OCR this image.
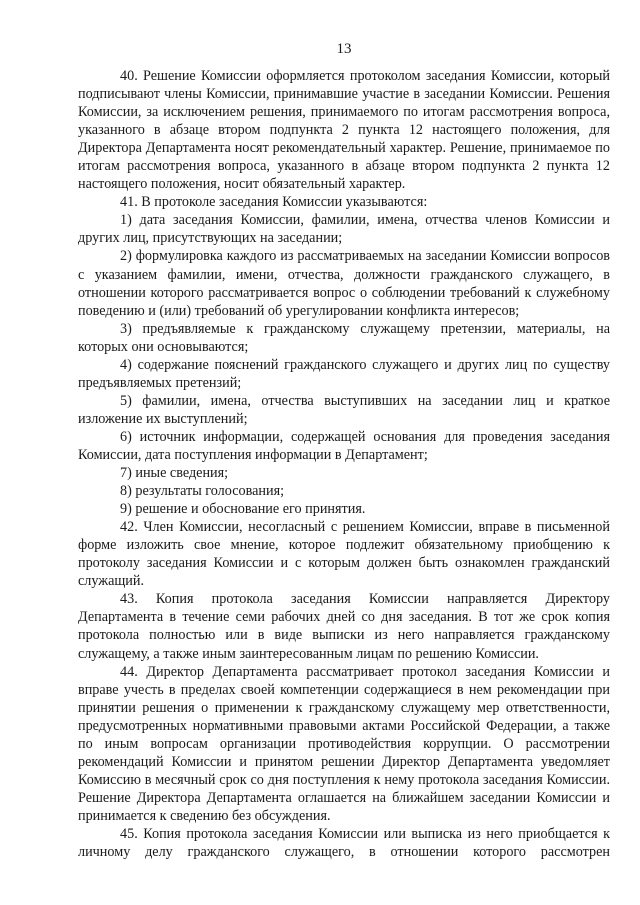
13

40. Решение Комиссии оформляется протоколом заседания Комиссии, который подписывают члены Комиссии, принимавшие участие в заседании Комиссии. Решения Комиссии, за исключением решения, принимаемого по итогам рассмотрения вопроса, указанного в абзаце втором подпункта 2 пункта 12 настоящего положения, для Директора Департамента носят рекомендательный характер. Решение, принимаемое по итогам рассмотрения вопроса, указанного в абзаце втором подпункта 2 пункта 12 настоящего положения, носит обязательный характер.

41. В протоколе заседания Комиссии указываются:

1) дата заседания Комиссии, фамилии, имена, отчества членов Комиссии и других лиц, присутствующих на заседании;

2) формулировка каждого из рассматриваемых на заседании Комиссии вопросов с указанием фамилии, имени, отчества, должности гражданского служащего, в отношении которого рассматривается вопрос о соблюдении требований к служебному поведению и (или) требований об урегулировании конфликта интересов;

3) предъявляемые к гражданскому служащему претензии, материалы, на которых они основываются;

4) содержание пояснений гражданского служащего и других лиц по существу предъявляемых претензий;

5) фамилии, имена, отчества выступивших на заседании лиц и краткое изложение их выступлений;

6) источник информации, содержащей основания для проведения заседания Комиссии, дата поступления информации в Департамент;

7) иные сведения;

8) результаты голосования;

9) решение и обоснование его принятия.

42. Член Комиссии, несогласный с решением Комиссии, вправе в письменной форме изложить свое мнение, которое подлежит обязательному приобщению к протоколу заседания Комиссии и с которым должен быть ознакомлен гражданский служащий.

43. Копия протокола заседания Комиссии направляется Директору Департамента в течение семи рабочих дней со дня заседания. В тот же срок копия протокола полностью или в виде выписки из него направляется гражданскому служащему, а также иным заинтересованным лицам по решению Комиссии.

44. Директор Департамента рассматривает протокол заседания Комиссии и вправе учесть в пределах своей компетенции содержащиеся в нем рекомендации при принятии решения о применении к гражданскому служащему мер ответственности, предусмотренных нормативными правовыми актами Российской Федерации, а также по иным вопросам организации противодействия коррупции. О рассмотрении рекомендаций Комиссии и принятом решении Директор Департамента уведомляет Комиссию в месячный срок со дня поступления к нему протокола заседания Комиссии. Решение Директора Департамента оглашается на ближайшем заседании Комиссии и принимается к сведению без обсуждения.

45. Копия протокола заседания Комиссии или выписка из него приобщается к личному делу гражданского служащего, в отношении которого рассмотрен
